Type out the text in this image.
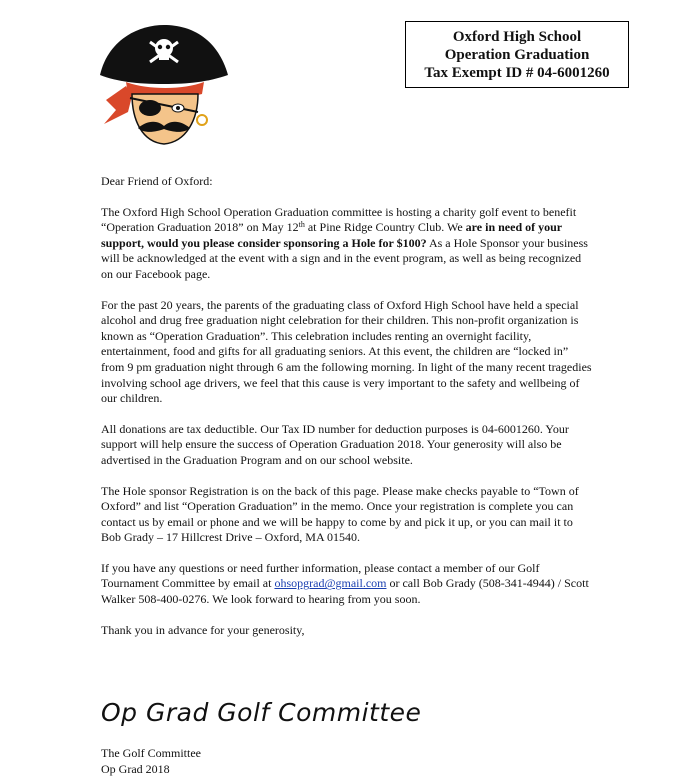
Oxford High School
Operation Graduation
Tax Exempt ID # 04-6001260

Dear Friend of Oxford:

The Oxford High School Operation Graduation committee is hosting a charity golf event to benefit “Operation Graduation 2018” on May 12th at Pine Ridge Country Club. We are in need of your support, would you please consider sponsoring a Hole for $100? As a Hole Sponsor your business will be acknowledged at the event with a sign and in the event program, as well as being recognized on our Facebook page.

For the past 20 years, the parents of the graduating class of Oxford High School have held a special alcohol and drug free graduation night celebration for their children. This non-profit organization is known as “Operation Graduation”. This celebration includes renting an overnight facility, entertainment, food and gifts for all graduating seniors. At this event, the children are “locked in” from 9 pm graduation night through 6 am the following morning. In light of the many recent tragedies involving school age drivers, we feel that this cause is very important to the safety and wellbeing of our children.

All donations are tax deductible. Our Tax ID number for deduction purposes is 04-6001260. Your support will help ensure the success of Operation Graduation 2018. Your generosity will also be advertised in the Graduation Program and on our school website.

The Hole sponsor Registration is on the back of this page. Please make checks payable to “Town of Oxford” and list “Operation Graduation” in the memo. Once your registration is complete you can contact us by email or phone and we will be happy to come by and pick it up, or you can mail it to Bob Grady – 17 Hillcrest Drive – Oxford, MA 01540.

If you have any questions or need further information, please contact a member of our Golf Tournament Committee by email at ohsopgrad@gmail.com or call Bob Grady (508-341-4944) / Scott Walker 508-400-0276. We look forward to hearing from you soon.

Thank you in advance for your generosity,

Op Grad Golf Committee
The Golf Committee
Op Grad 2018
